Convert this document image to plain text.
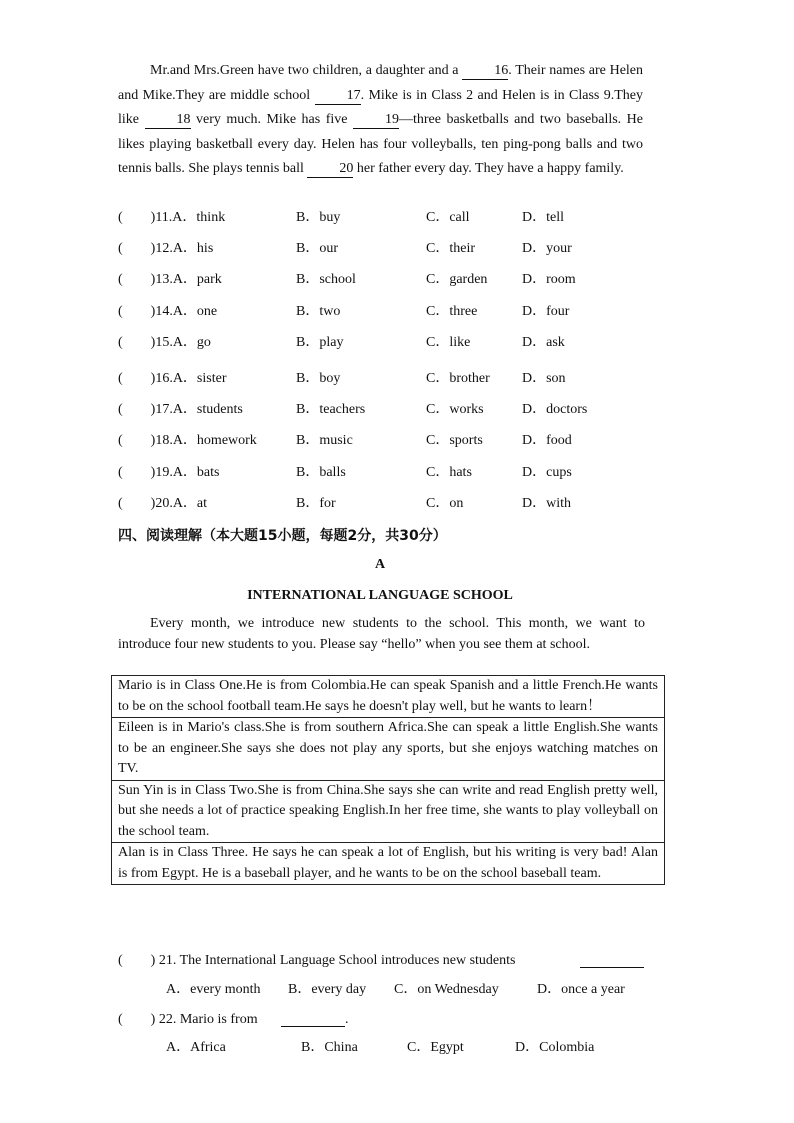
Mr.and Mrs.Green have two children, a daughter and a	16. Their names are Helen and Mike.They are middle school	17. Mike is in Class 2 and Helen is in Class 9.They like	18 very much. Mike has five	19—three basketballs and two baseballs. He likes playing basketball every day. Helen has four volleyballs, ten ping-pong balls and two tennis balls. She plays tennis ball	20 her father every day. They have a happy family.
(　　)11.A．think	B．buy	C．call	D．tell
(　　)12.A．his	B．our	C．their	D．your
(　　)13.A．park	B．school	C．garden D．room
(　　)14.A．one	B．two	C．three	D．four
(　　)15.A．go	B．play	C．like	D．ask
(　　)16.A．sister	B．boy	C．brother D．son
(　　)17.A．students	B．teachers	C．works	D．doctors
(　　)18.A．homework	B．music	C．sports	D．food
(　　)19.A．bats	B．balls	C．hats	D．cups
(　　)20.A．at	B．for	C．on	D．with
四、阅读理解（本大题15小题，每题2分，共30分）
A
INTERNATIONAL LANGUAGE SCHOOL
Every month, we introduce new students to the school. This month, we want to introduce four new students to you. Please say “hello” when you see them at school.
Mario is in Class One.He is from Colombia.He can speak Spanish and a little French.He wants to be on the school football team.He says he doesn't play well, but he wants to learn！
Eileen is in Mario's class.She is from southern Africa.She can speak a little English.She wants to be an engineer.She says she does not play any sports, but she enjoys watching matches on TV.
Sun Yin is in Class Two.She is from China.She says she can write and read English pretty well, but she needs a lot of practice speaking English.In her free time, she wants to play volleyball on the school team.
Alan is in Class Three. He says he can speak a lot of English, but his writing is very bad! Alan is from Egypt. He is a baseball player, and he wants to be on the school baseball team.
(　　) 21. The International Language School introduces new students
A．every month B．every day C．on Wednesday	D．once a year
(　　) 22. Mario is from	.
A．Africa	B．China	C．Egypt	D．Colombia
